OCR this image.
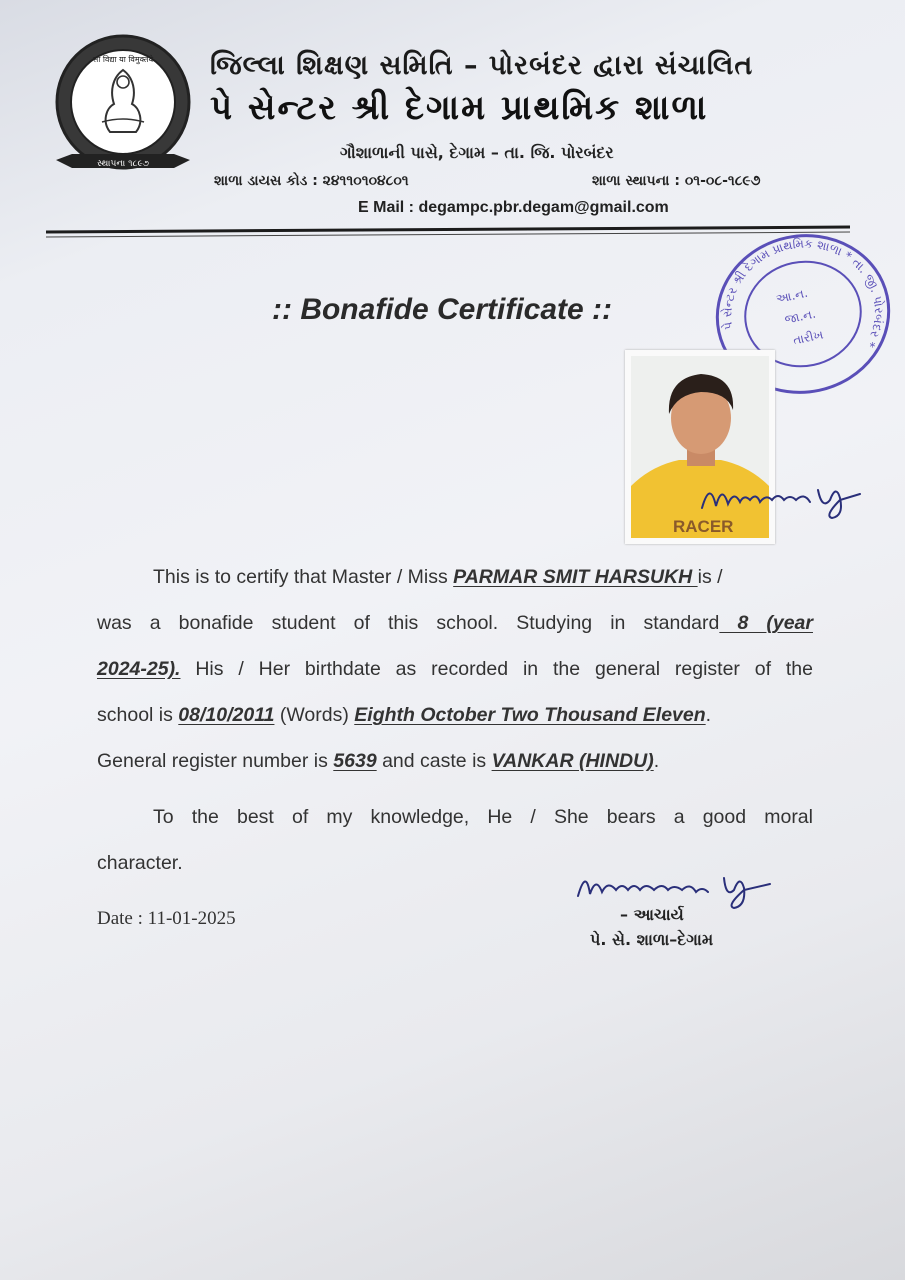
સ્થાપના ૧૮૯૭
દેગામ
सा विद्या या विमुक्तये જિલ્લા શિક્ષણ સમિતિ – પોરબંદર દ્વારા સંચાલિત
પે સેન્ટર શ્રી દેગામ પ્રાથમિક શાળા
ગૌશાળાની પાસે, દેગામ – તા. જિ. પોરબંદર
શાળા ડાયસ કોડ : ૨૪૧૧૦૧૦૪૮૦૧	શાળા સ્થાપના : ૦૧-૦૮-૧૮૯૭
E Mail : degampc.pbr.degam@gmail.com
પે સેન્ટર શ્રી દેગામ પ્રાથમિક શાળા * તા. જી. પોરબંદર *
આ.ન.
જા.ન.
તારીખ
:: Bonafide Certificate ::
RACER
This is to certify that Master / Miss PARMAR SMIT HARSUKH is /
was a bonafide student of this school. Studying in standard 8 (year
2024-25). His / Her birthdate as recorded in the general register of the
school is 08/10/2011 (Words) Eighth October Two Thousand Eleven.
General register number is 5639 and caste is VANKAR (HINDU).
To the best of my knowledge, He / She bears a good moral
character.
Date : 11-01-2025	– આચાર્ય
પે. સે. શાળા–દેગામ
